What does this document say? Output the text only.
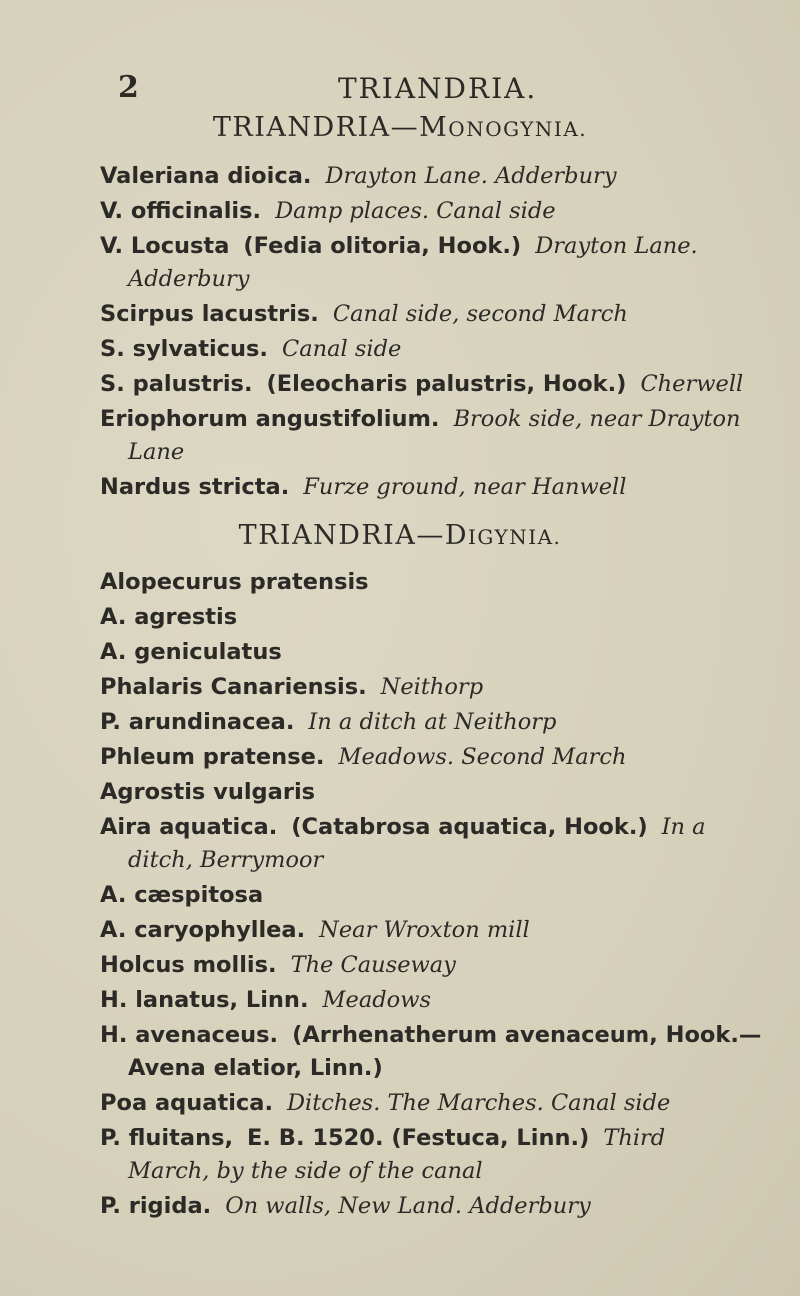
2	TRIANDRIA.
TRIANDRIA—MONOGYNIA.
Valeriana dioica. Drayton Lane. Adderbury
V. officinalis. Damp places. Canal side
V. Locusta (Fedia olitoria, Hook.) Drayton Lane.
Adderbury
Scirpus lacustris. Canal side, second March
S. sylvaticus. Canal side
S. palustris. (Eleocharis palustris, Hook.) Cherwell
Eriophorum angustifolium. Brook side, near Drayton
Lane
Nardus stricta. Furze ground, near Hanwell
TRIANDRIA—DIGYNIA.
Alopecurus pratensis
A. agrestis
A. geniculatus
Phalaris Canariensis. Neithorp
P. arundinacea. In a ditch at Neithorp
Phleum pratense. Meadows. Second March
Agrostis vulgaris
Aira aquatica. (Catabrosa aquatica, Hook.) In a
ditch, Berrymoor
A. cæspitosa
A. caryophyllea. Near Wroxton mill
Holcus mollis. The Causeway
H. lanatus, Linn. Meadows
H. avenaceus. (Arrhenatherum avenaceum, Hook.—
Avena elatior, Linn.)
Poa aquatica. Ditches. The Marches. Canal side
P. fluitans, E. B. 1520. (Festuca, Linn.) Third
March, by the side of the canal
P. rigida. On walls, New Land. Adderbury
